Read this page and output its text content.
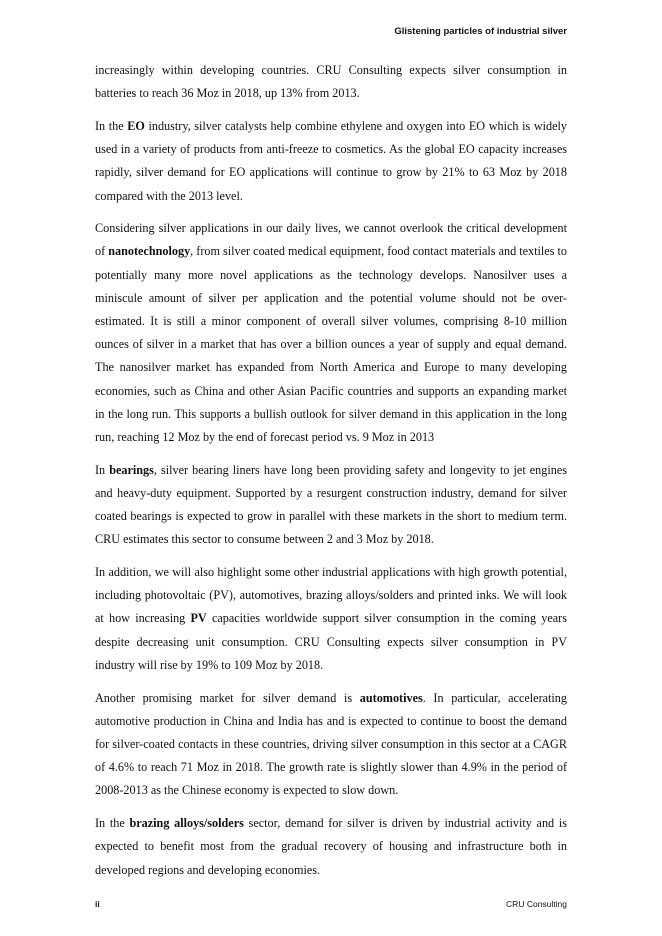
Glistening particles of industrial silver

increasingly within developing countries. CRU Consulting expects silver consumption in batteries to reach 36 Moz in 2018, up 13% from 2013.

In the EO industry, silver catalysts help combine ethylene and oxygen into EO which is widely used in a variety of products from anti-freeze to cosmetics. As the global EO capacity increases rapidly, silver demand for EO applications will continue to grow by 21% to 63 Moz by 2018 compared with the 2013 level.

Considering silver applications in our daily lives, we cannot overlook the critical development of nanotechnology, from silver coated medical equipment, food contact materials and textiles to potentially many more novel applications as the technology develops. Nanosilver uses a miniscule amount of silver per application and the potential volume should not be over-estimated. It is still a minor component of overall silver volumes, comprising 8-10 million ounces of silver in a market that has over a billion ounces a year of supply and equal demand. The nanosilver market has expanded from North America and Europe to many developing economies, such as China and other Asian Pacific countries and supports an expanding market in the long run. This supports a bullish outlook for silver demand in this application in the long run, reaching 12 Moz by the end of forecast period vs. 9 Moz in 2013

In bearings, silver bearing liners have long been providing safety and longevity to jet engines and heavy-duty equipment. Supported by a resurgent construction industry, demand for silver coated bearings is expected to grow in parallel with these markets in the short to medium term. CRU estimates this sector to consume between 2 and 3 Moz by 2018.

In addition, we will also highlight some other industrial applications with high growth potential, including photovoltaic (PV), automotives, brazing alloys/solders and printed inks. We will look at how increasing PV capacities worldwide support silver consumption in the coming years despite decreasing unit consumption. CRU Consulting expects silver consumption in PV industry will rise by 19% to 109 Moz by 2018.

Another promising market for silver demand is automotives. In particular, accelerating automotive production in China and India has and is expected to continue to boost the demand for silver-coated contacts in these countries, driving silver consumption in this sector at a CAGR of 4.6% to reach 71 Moz in 2018. The growth rate is slightly slower than 4.9% in the period of 2008-2013 as the Chinese economy is expected to slow down.

In the brazing alloys/solders sector, demand for silver is driven by industrial activity and is expected to benefit most from the gradual recovery of housing and infrastructure both in developed regions and developing economies.

ii	CRU Consulting
